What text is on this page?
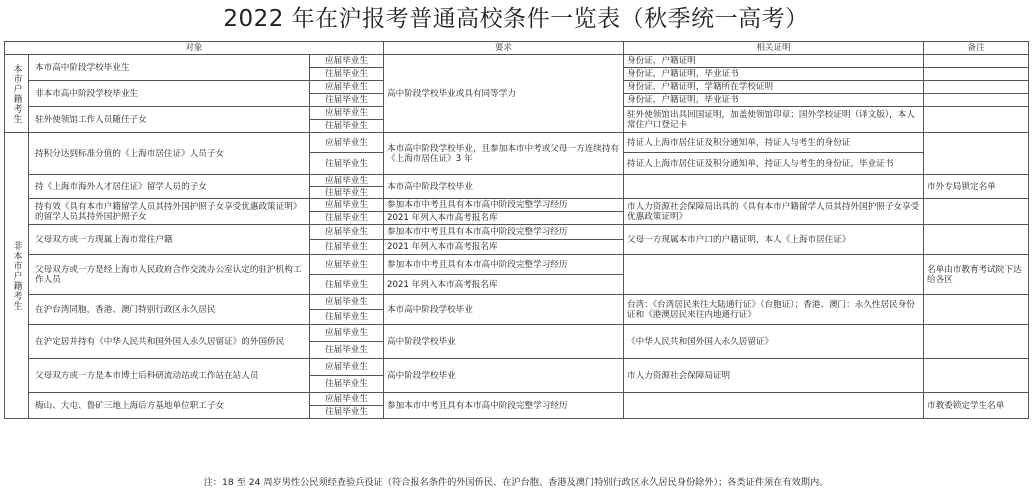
2022 年在沪报考普通高校条件一览表（秋季统一高考）
对象			要求	相关证明	备注
本市户籍考生	本市高中阶段学校毕业生	应届毕业生	高中阶段学校毕业或具有同等学力	身份证，户籍证明	
		往届毕业生		身份证，户籍证明，毕业证书	
	非本市高中阶段学校毕业生	应届毕业生		身份证，户籍证明，学籍所在学校证明	
		往届毕业生		身份证，户籍证明，毕业证书	
	驻外使领馆工作人员随任子女	应届毕业生		驻外使领馆出具回国证明，加盖使领馆印章；国外学校证明（译文版），本人常住户口登记卡	
		往届毕业生			
非本市户籍考生	持积分达到标准分值的《上海市居住证》人员子女	应届毕业生	本市高中阶段学校毕业，且参加本市中考或父母一方连续持有《上海市居住证》3 年	持证人上海市居住证及积分通知单，持证人与考生的身份证	
		往届毕业生		持证人上海市居住证及积分通知单，持证人与考生的身份证，毕业证书	
	持《上海市海外人才居住证》留学人员的子女	应届毕业生	本市高中阶段学校毕业		市外专局锁定名单
		往届毕业生			
	持有效《具有本市户籍留学人员其持外国护照子女享受优惠政策证明》的留学人员其持外国护照子女	应届毕业生	参加本市中考且具有本市高中阶段完整学习经历	市人力资源社会保障局出具的《具有本市户籍留学人员其持外国护照子女享受优惠政策证明》	
		往届毕业生	2021 年列入本市高考报名库		
	父母双方或一方现属上海市常住户籍	应届毕业生	参加本市中考且具有本市高中阶段完整学习经历	父母一方现属本市户口的户籍证明，本人《上海市居住证》	
		往届毕业生	2021 年列入本市高考报名库		
	父母双方或一方是经上海市人民政府合作交流办公室认定的驻沪机构工作人员	应届毕业生	参加本市中考且具有本市高中阶段完整学习经历		名单由市教育考试院下达给各区
		往届毕业生	2021 年列入本市高考报名库		
	在沪台湾同胞，香港、澳门特别行政区永久居民	应届毕业生	本市高中阶段学校毕业	台湾：《台湾居民来往大陆通行证》（台胞证）；香港、澳门：永久性居民身份证和《港澳居民来往内地通行证》	
		往届毕业生			
	在沪定居并持有《中华人民共和国外国人永久居留证》的外国侨民	应届毕业生	高中阶段学校毕业	《中华人民共和国外国人永久居留证》	
		往届毕业生			
	父母双方或一方是本市博士后科研流动站或工作站在站人员	应届毕业生	高中阶段学校毕业	市人力资源社会保障局证明	
		往届毕业生			
	梅山、大屯、鲁矿三地上海后方基地单位职工子女	应届毕业生	参加本市中考且具有本市高中阶段完整学习经历		市教委锁定学生名单
		往届毕业生			
注：18 至 24 周岁男性公民须经查验兵役证（符合报名条件的外国侨民、在沪台胞、香港及澳门特别行政区永久居民身份除外）；各类证件须在有效期内。
